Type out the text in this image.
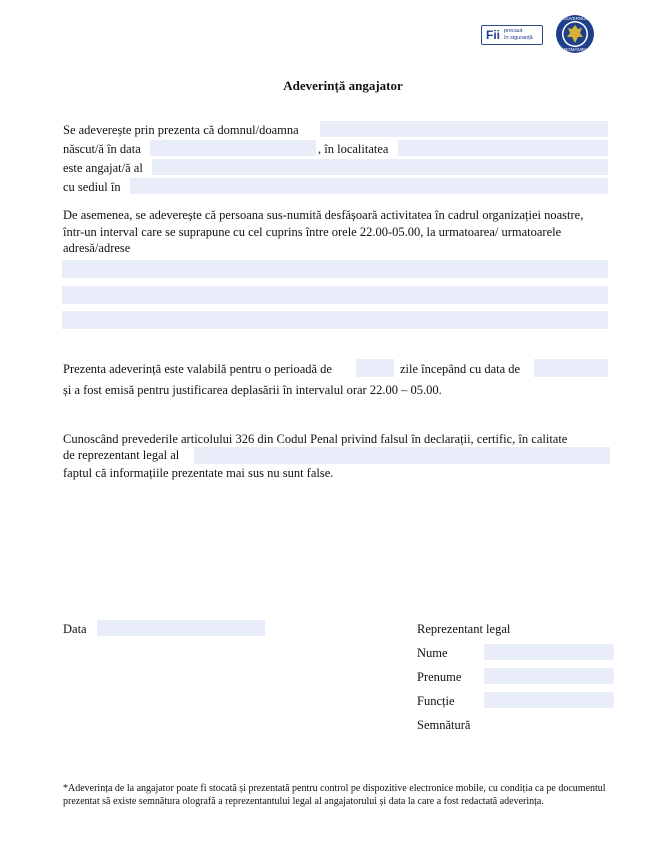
Fii precaut
în siguranță
GUVERNUL
ROMÂNIEI
Adeverință angajator
Se adeverește prin prezenta că domnul/doamna
născut/ă în data	, în localitatea
este angajat/ă al
cu sediul în
De asemenea, se adeverește că persoana sus-numită desfășoară activitatea în cadrul organizației noastre, într-un interval care se suprapune cu cel cuprins între orele 22.00-05.00, la urmatoarea/ urmatoarele adresă/adrese
Prezenta adeverință este valabilă pentru o perioadă de	zile începând cu data de
și a fost emisă pentru justificarea deplasării în intervalul orar 22.00 – 05.00.
Cunoscând prevederile articolului 326 din Codul Penal privind falsul în declarații, certific, în calitate
de reprezentant legal al
faptul că informațiile prezentate mai sus nu sunt false.
Data	Reprezentant legal
Nume
Prenume
Funcție
Semnătură
*Adeverința de la angajator poate fi stocată și prezentată pentru control pe dispozitive electronice mobile, cu condiția ca pe documentul prezentat să existe semnătura olografă a reprezentantului legal al angajatorului și data la care a fost redactată adeverința.
